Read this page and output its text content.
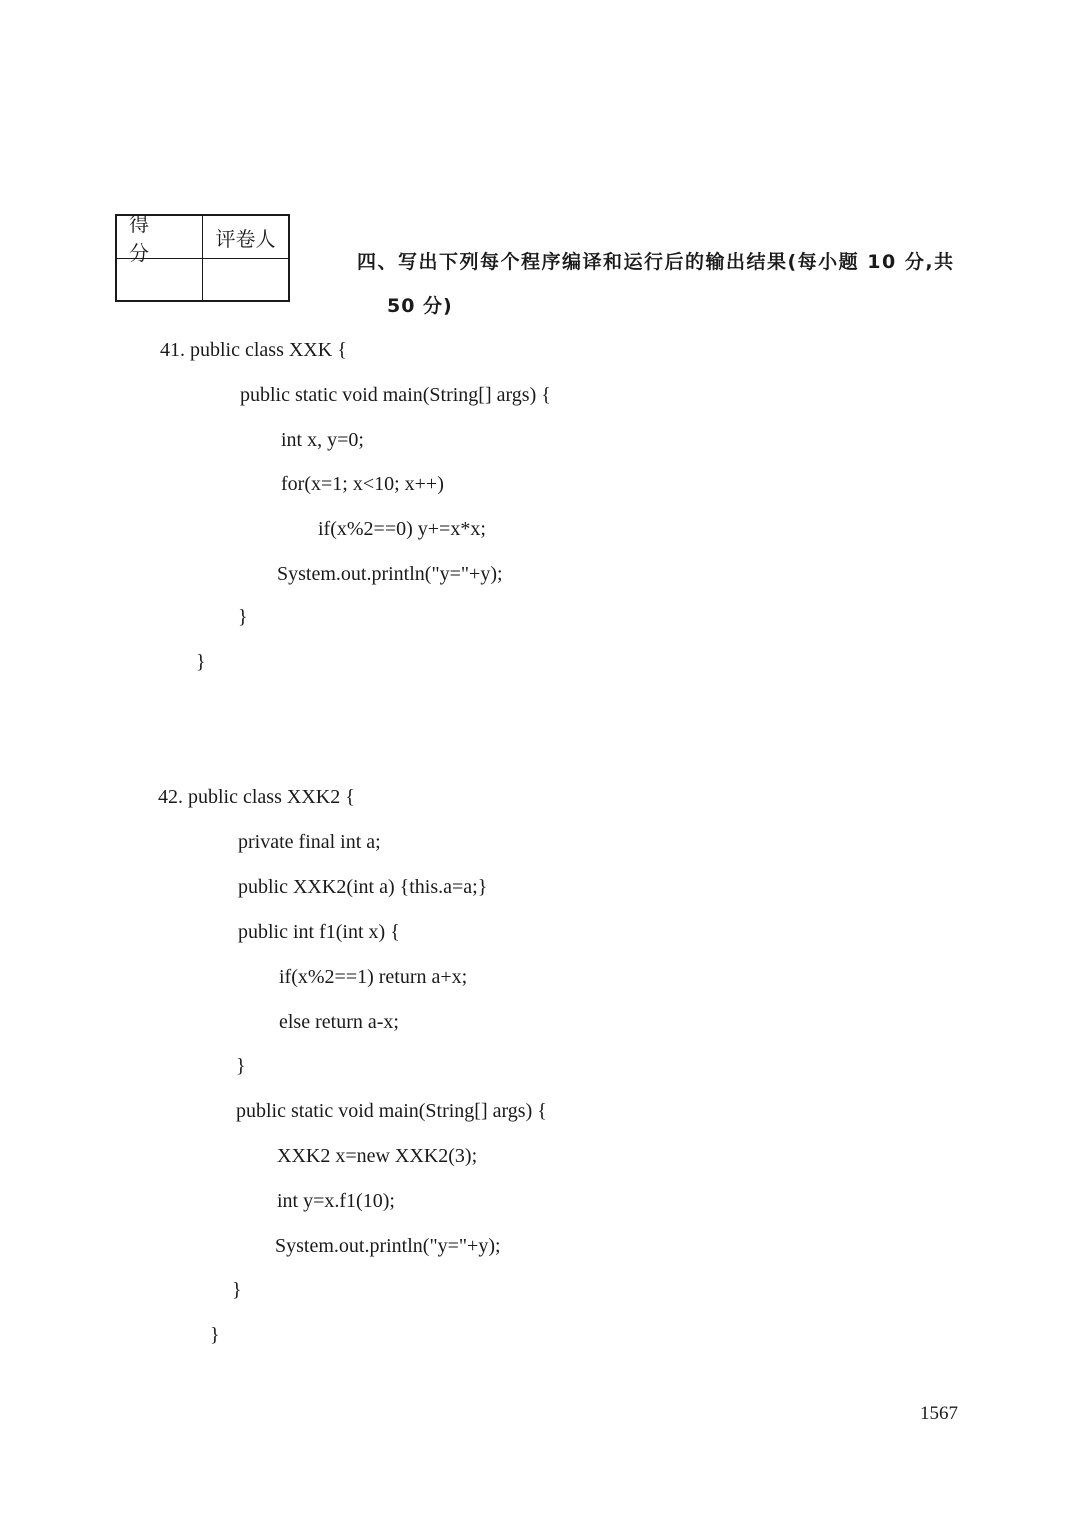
得 分
评卷人
四、写出下列每个程序编译和运行后的输出结果(每小题 10 分,共
50 分)
41. public class XXK {
public static void main(String[] args) {
int x, y=0;
for(x=1; x<10; x++)
if(x%2==0) y+=x*x;
System.out.println("y="+y);
}
}
42. public class XXK2 {
private final int a;
public XXK2(int a) {this.a=a;}
public int f1(int x) {
if(x%2==1) return a+x;
else return a-x;
}
public static void main(String[] args) {
XXK2 x=new XXK2(3);
int y=x.f1(10);
System.out.println("y="+y);
}
}
1567
